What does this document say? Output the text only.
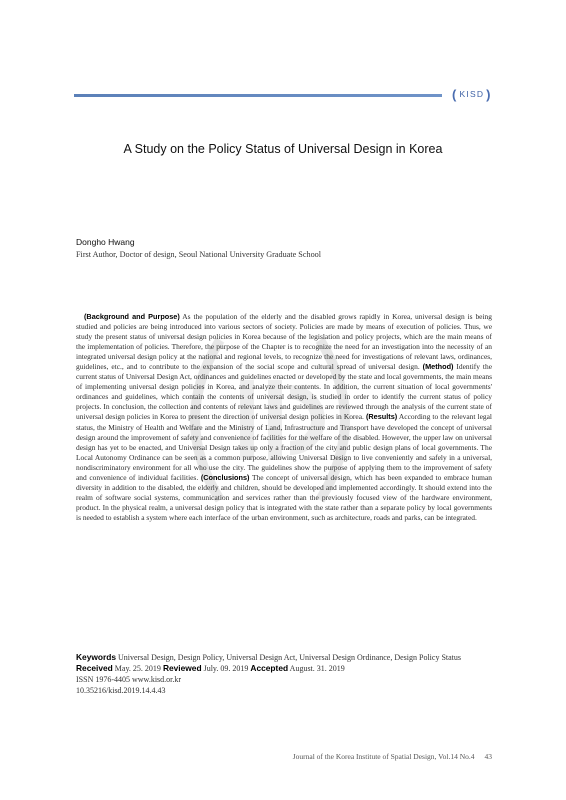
( KISD )
A Study on the Policy Status of Universal Design in Korea
Dongho Hwang
First Author, Doctor of design, Seoul National University Graduate School
(Background and Purpose) As the population of the elderly and the disabled grows rapidly in Korea, universal design is being studied and policies are being introduced into various sectors of society. Policies are made by means of execution of policies. Thus, we study the present status of universal design policies in Korea because of the legislation and policy projects, which are the main means of the implementation of policies. Therefore, the purpose of the Chapter is to recognize the need for an investigation into the necessity of an integrated universal design policy at the national and regional levels, to recognize the need for investigations of relevant laws, ordinances, guidelines, etc., and to contribute to the expansion of the social scope and cultural spread of universal design. (Method) Identify the current status of Universal Design Act, ordinances and guidelines enacted or developed by the state and local governments, the main means of implementing universal design policies in Korea, and analyze their contents. In addition, the current situation of local governments' ordinances and guidelines, which contain the contents of universal design, is studied in order to identify the current status of policy projects. In conclusion, the collection and contents of relevant laws and guidelines are reviewed through the analysis of the current state of universal design policies in Korea to present the direction of universal design policies in Korea. (Results) According to the relevant legal status, the Ministry of Health and Welfare and the Ministry of Land, Infrastructure and Transport have developed the concept of universal design around the improvement of safety and convenience of facilities for the welfare of the disabled. However, the upper law on universal design has yet to be enacted, and Universal Design takes up only a fraction of the city and public design plans of local governments. The Local Autonomy Ordinance can be seen as a common purpose, allowing Universal Design to live conveniently and safely in a universal, nondiscriminatory environment for all who use the city. The guidelines show the purpose of applying them to the improvement of safety and convenience of individual facilities. (Conclusions) The concept of universal design, which has been expanded to embrace human diversity in addition to the disabled, the elderly and children, should be developed and implemented accordingly. It should extend into the realm of software social systems, communication and services rather than the previously focused view of the hardware environment, product. In the physical realm, a universal design policy that is integrated with the state rather than a separate policy by local governments is needed to establish a system where each interface of the urban environment, such as architecture, roads and parks, can be integrated.
Keywords Universal Design, Design Policy, Universal Design Act, Universal Design Ordinance, Design Policy Status
Received May. 25. 2019 Reviewed July. 09. 2019 Accepted August. 31. 2019
ISSN 1976-4405 www.kisd.or.kr
10.35216/kisd.2019.14.4.43
Journal of the Korea Institute of Spatial Design, Vol.14 No.4 43
